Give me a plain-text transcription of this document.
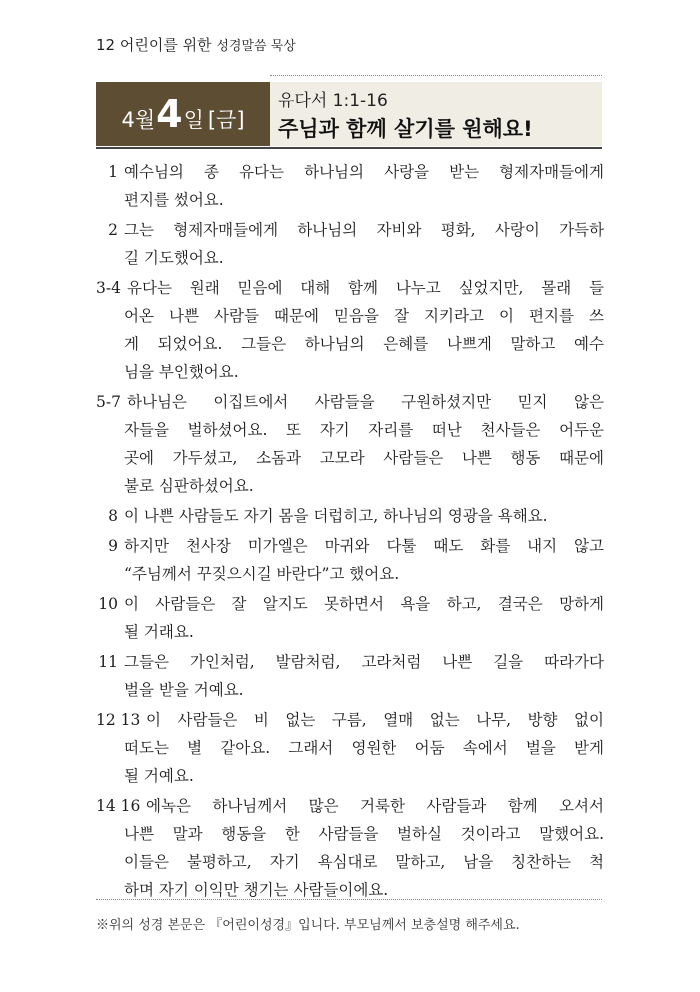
12 어린이를 위한 성경말씀 묵상
4월 4 일 [금]
유다서 1:1-16
주님과 함께 살기를 원해요!
1 예수님의 종 유다는 하나님의 사랑을 받는 형제자매들에게
편지를 썼어요.
2 그는 형제자매들에게 하나님의 자비와 평화, 사랑이 가득하
길 기도했어요.
3-4 유다는 원래 믿음에 대해 함께 나누고 싶었지만, 몰래 들
어온 나쁜 사람들 때문에 믿음을 잘 지키라고 이 편지를 쓰
게 되었어요. 그들은 하나님의 은혜를 나쁘게 말하고 예수
님을 부인했어요.
5-7 하나님은 이집트에서 사람들을 구원하셨지만 믿지 않은
자들을 벌하셨어요. 또 자기 자리를 떠난 천사들은 어두운
곳에 가두셨고, 소돔과 고모라 사람들은 나쁜 행동 때문에
불로 심판하셨어요.
8 이 나쁜 사람들도 자기 몸을 더럽히고, 하나님의 영광을 욕해요.
9 하지만 천사장 미가엘은 마귀와 다툴 때도 화를 내지 않고
“주님께서 꾸짖으시길 바란다”고 했어요.
10 이 사람들은 잘 알지도 못하면서 욕을 하고, 결국은 망하게
될 거래요.
11 그들은 가인처럼, 발람처럼, 고라처럼 나쁜 길을 따라가다
벌을 받을 거예요.
12 13 이 사람들은 비 없는 구름, 열매 없는 나무, 방향 없이
떠도는 별 같아요. 그래서 영원한 어둠 속에서 벌을 받게
될 거예요.
14 16 에녹은 하나님께서 많은 거룩한 사람들과 함께 오셔서
나쁜 말과 행동을 한 사람들을 벌하실 것이라고 말했어요.
이들은 불평하고, 자기 욕심대로 말하고, 남을 칭찬하는 척
하며 자기 이익만 챙기는 사람들이에요.
※위의 성경 본문은 『어린이성경』입니다. 부모님께서 보충설명 해주세요.
